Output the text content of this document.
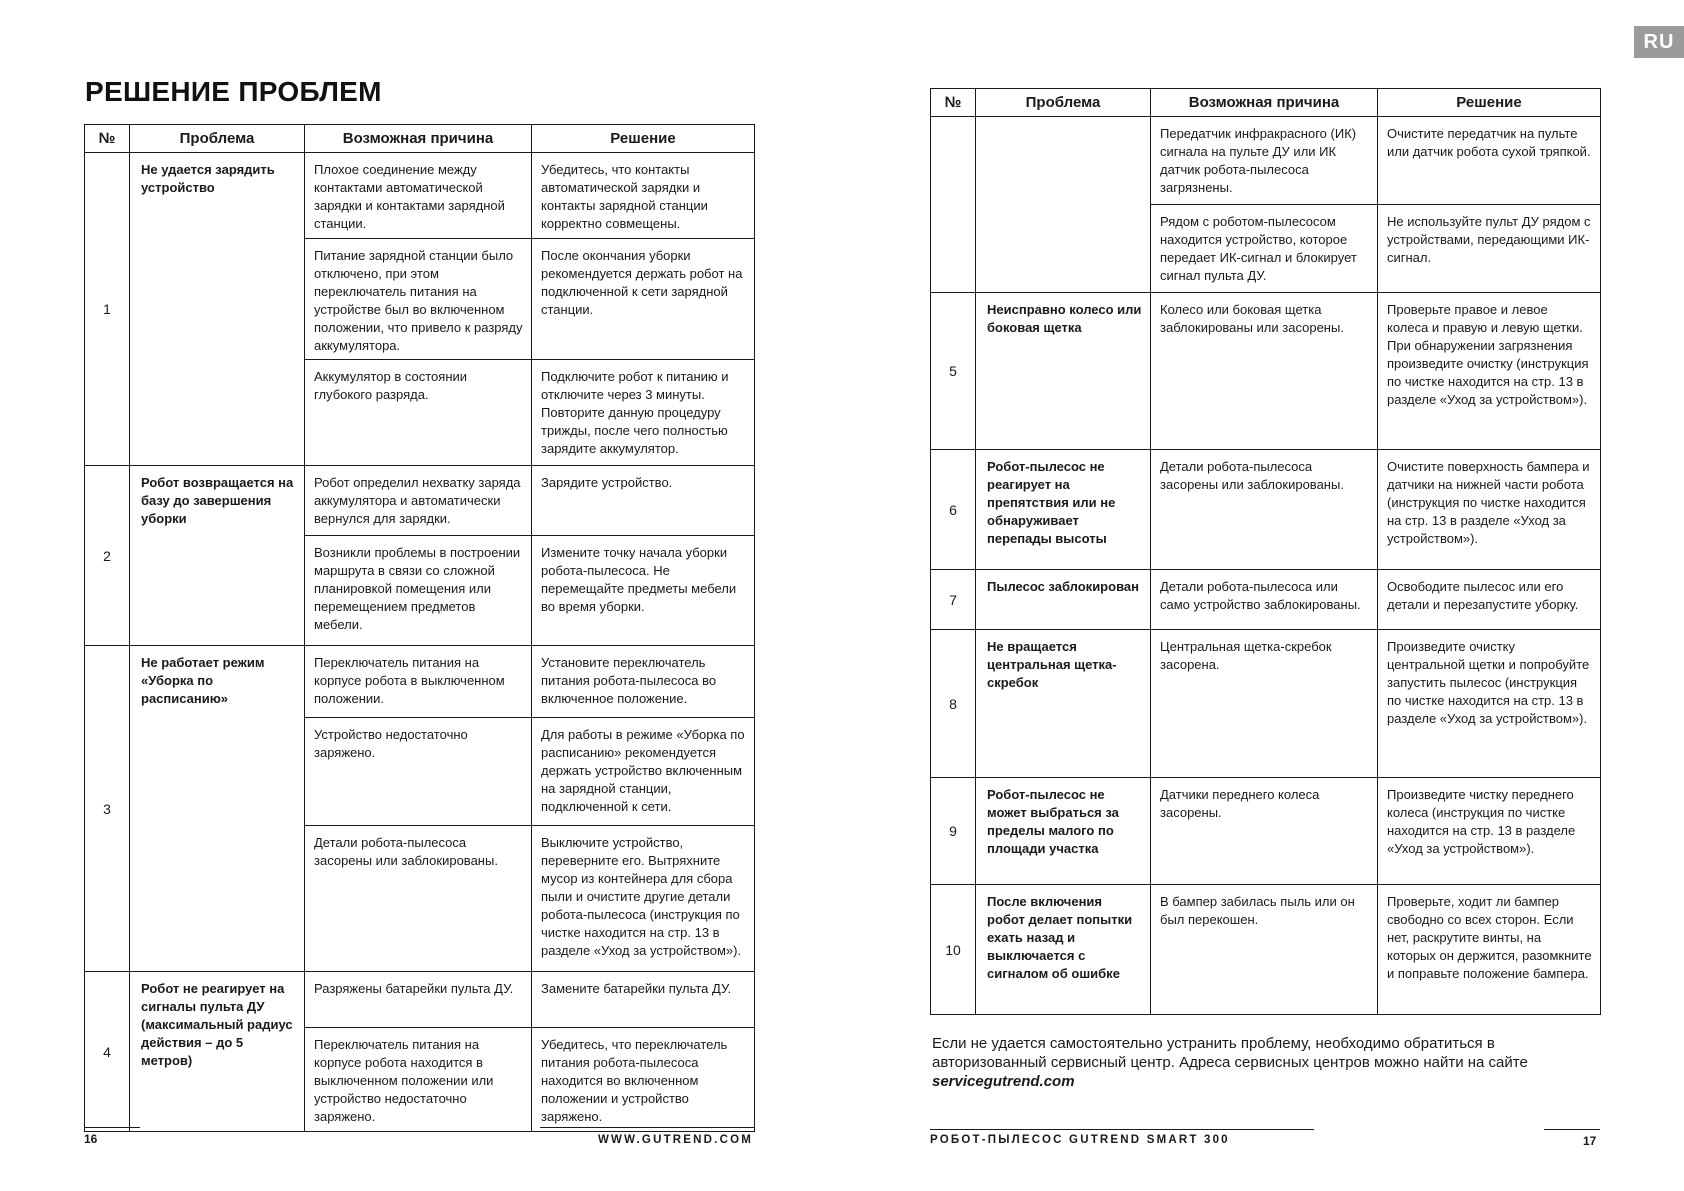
РЕШЕНИЕ ПРОБЛЕМ
№	Проблема	Возможная причина	Решение
1	Не удается зарядить устройство	Плохое соединение между контактами автоматической зарядки и контактами зарядной станции.	Убедитесь, что контакты автоматической зарядки и контакты зарядной станции корректно совмещены.
		Питание зарядной станции было отключено, при этом переключатель питания на устройстве был во включенном положении, что привело к разряду аккумулятора.	После окончания уборки рекомендуется держать робот на подключенной к сети зарядной станции.
		Аккумулятор в состоянии глубокого разряда.	Подключите робот к питанию и отключите через 3 минуты. Повторите данную процедуру трижды, после чего полностью зарядите аккумулятор.
2	Робот возвращается на базу до завершения уборки	Робот определил нехватку заряда аккумулятора и автоматически вернулся для зарядки.	Зарядите устройство.
		Возникли проблемы в построении маршрута в связи со сложной планировкой помещения или перемещением предметов мебели.	Измените точку начала уборки робота-пылесоса. Не перемещайте предметы мебели во время уборки.
3	Не работает режим «Уборка по расписанию»	Переключатель питания на корпусе робота в выключенном положении.	Установите переключатель питания робота-пылесоса во включенное положение.
		Устройство недостаточно заряжено.	Для работы в режиме «Уборка по расписанию» рекомендуется держать устройство включенным на зарядной станции, подключенной к сети.
		Детали робота-пылесоса засорены или заблокированы.	Выключите устройство, переверните его. Вытряхните мусор из контейнера для сбора пыли и очистите другие детали робота-пылесоса (инструкция по чистке находится на стр. 13 в разделе «Уход за устройством»).
4	Робот не реагирует на сигналы пульта ДУ (максимальный радиус действия – до 5 метров)	Разряжены батарейки пульта ДУ.	Замените батарейки пульта ДУ.
		Переключатель питания на корпусе робота находится в выключенном положении или устройство недостаточно заряжено.	Убедитесь, что переключатель питания робота-пылесоса находится во включенном положении и устройство заряжено.
16	WWW.GUTREND.COM
RU
№	Проблема	Возможная причина	Решение
		Передатчик инфракрасного (ИК) сигнала на пульте ДУ или ИК датчик робота-пылесоса загрязнены.	Очистите передатчик на пульте или датчик робота сухой тряпкой.
		Рядом с роботом-пылесосом находится устройство, которое передает ИК-сигнал и блокирует сигнал пульта ДУ.	Не используйте пульт ДУ рядом с устройствами, передающими ИК-сигнал.
5	Неисправно колесо или боковая щетка	Колесо или боковая щетка заблокированы или засорены.	Проверьте правое и левое колеса и правую и левую щетки. При обнаружении загрязнения произведите очистку (инструкция по чистке находится на стр. 13 в разделе «Уход за устройством»).
6	Робот-пылесос не реагирует на препятствия или не обнаруживает перепады высоты	Детали робота-пылесоса засорены или заблокированы.	Очистите поверхность бампера и датчики на нижней части робота (инструкция по чистке находится на стр. 13 в разделе «Уход за устройством»).
7	Пылесос заблокирован	Детали робота-пылесоса или само устройство заблокированы.	Освободите пылесос или его детали и перезапустите уборку.
8	Не вращается центральная щетка-скребок	Центральная щетка-скребок засорена.	Произведите очистку центральной щетки и попробуйте запустить пылесос (инструкция по чистке находится на стр. 13 в разделе «Уход за устройством»).
9	Робот-пылесос не может выбраться за пределы малого по площади участка	Датчики переднего колеса засорены.	Произведите чистку переднего колеса (инструкция по чистке находится на стр. 13 в разделе «Уход за устройством»).
10	После включения робот делает попытки ехать назад и выключается с сигналом об ошибке	В бампер забилась пыль или он был перекошен.	Проверьте, ходит ли бампер свободно со всех сторон. Если нет, раскрутите винты, на которых он держится, разомкните и поправьте положение бампера.

Если не удается самостоятельно устранить проблему, необходимо обратиться в авторизованный сервисный центр. Адреса сервисных центров можно найти на сайте servicegutrend.com

РОБОТ-ПЫЛЕСОС GUTREND SMART 300	17
